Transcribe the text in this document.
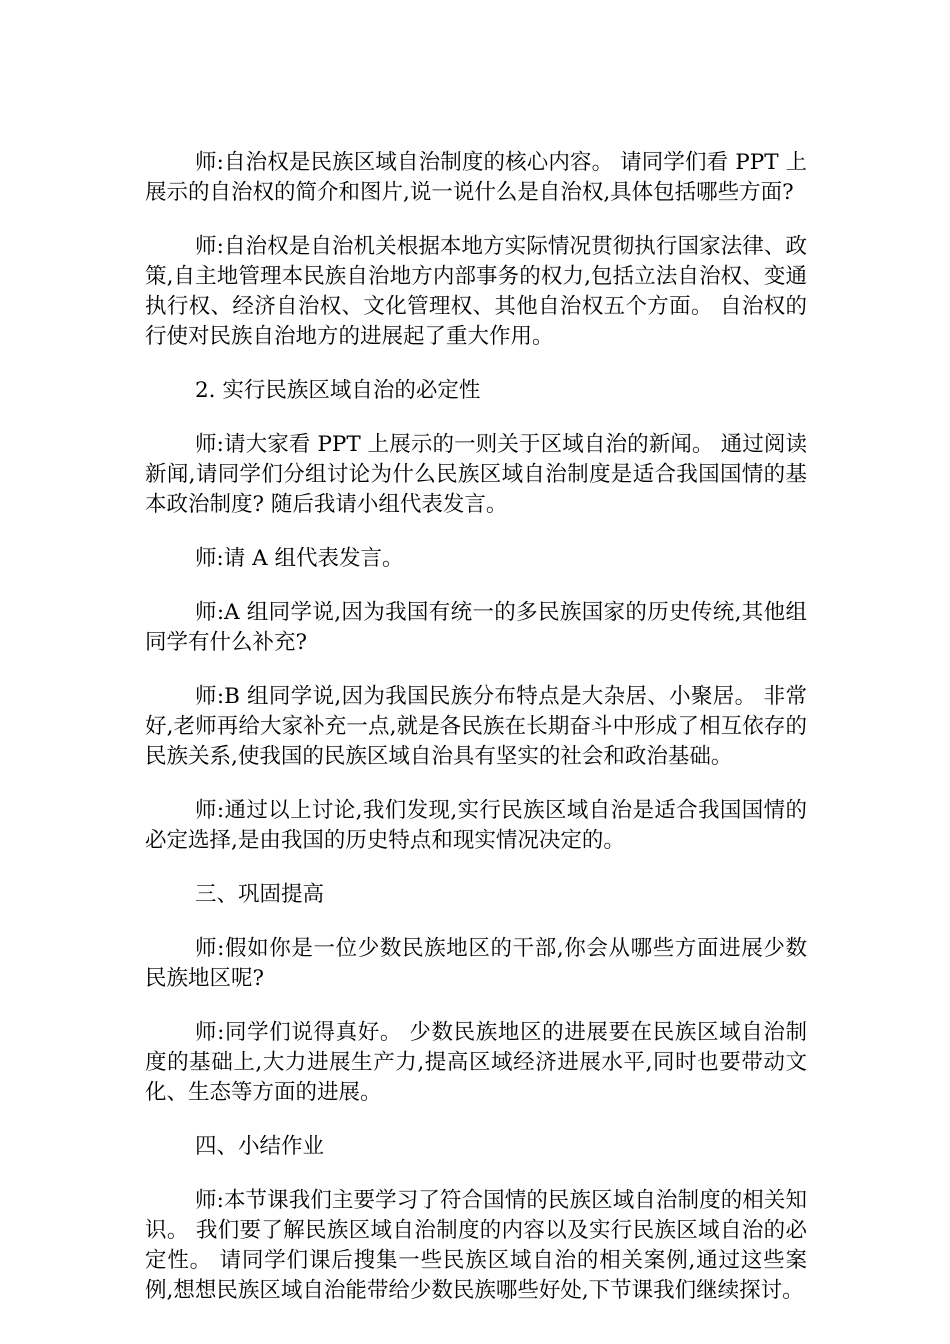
师:自治权是民族区域自治制度的核心内容。 请同学们看 PPT 上展示的自治权的简介和图片,说一说什么是自治权,具体包括哪些方面?

师:自治权是自治机关根据本地方实际情况贯彻执行国家法律、政策,自主地管理本民族自治地方内部事务的权力,包括立法自治权、变通执行权、经济自治权、文化管理权、其他自治权五个方面。 自治权的行使对民族自治地方的进展起了重大作用。

2. 实行民族区域自治的必定性

师:请大家看 PPT 上展示的一则关于区域自治的新闻。 通过阅读新闻,请同学们分组讨论为什么民族区域自治制度是适合我国国情的基本政治制度? 随后我请小组代表发言。

师:请 A 组代表发言。

师:A 组同学说,因为我国有统一的多民族国家的历史传统,其他组同学有什么补充?

师:B 组同学说,因为我国民族分布特点是大杂居、小聚居。 非常好,老师再给大家补充一点,就是各民族在长期奋斗中形成了相互依存的民族关系,使我国的民族区域自治具有坚实的社会和政治基础。

师:通过以上讨论,我们发现,实行民族区域自治是适合我国国情的必定选择,是由我国的历史特点和现实情况决定的。

三、巩固提高

师:假如你是一位少数民族地区的干部,你会从哪些方面进展少数民族地区呢?

师:同学们说得真好。 少数民族地区的进展要在民族区域自治制度的基础上,大力进展生产力,提高区域经济进展水平,同时也要带动文化、生态等方面的进展。

四、小结作业

师:本节课我们主要学习了符合国情的民族区域自治制度的相关知识。 我们要了解民族区域自治制度的内容以及实行民族区域自治的必定性。 请同学们课后搜集一些民族区域自治的相关案例,通过这些案例,想想民族区域自治能带给少数民族哪些好处,下节课我们继续探讨。
